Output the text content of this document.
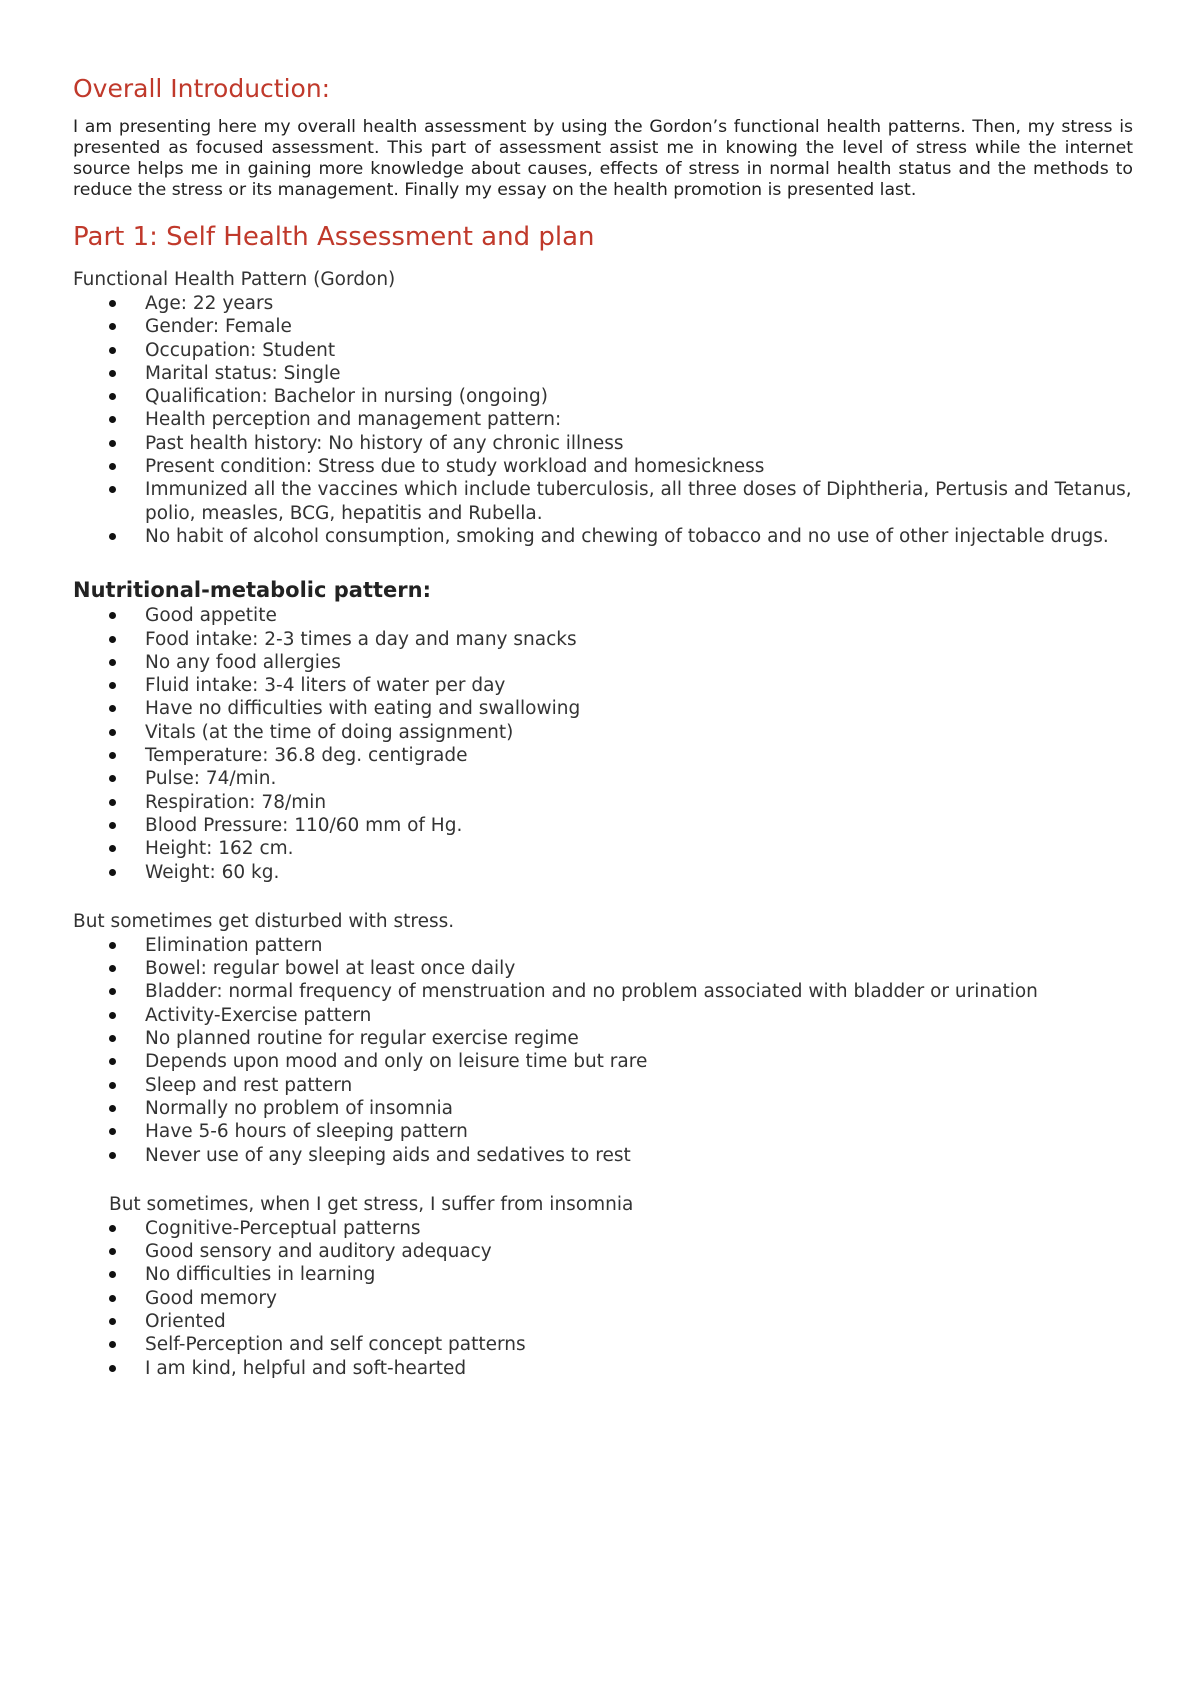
Overall Introduction:

I am presenting here my overall health assessment by using the Gordon’s functional health patterns. Then, my stress is presented as focused assessment. This part of assessment assist me in knowing the level of stress while the internet source helps me in gaining more knowledge about causes, effects of stress in normal health status and the methods to reduce the stress or its management. Finally my essay on the health promotion is presented last.

Part 1: Self Health Assessment and plan

Functional Health Pattern (Gordon)

Age: 22 years
Gender: Female
Occupation: Student
Marital status: Single
Qualification: Bachelor in nursing (ongoing)
Health perception and management pattern:
Past health history: No history of any chronic illness
Present condition: Stress due to study workload and homesickness
Immunized all the vaccines which include tuberculosis, all three doses of Diphtheria, Pertusis and Tetanus, polio, measles, BCG, hepatitis and Rubella.
No habit of alcohol consumption, smoking and chewing of tobacco and no use of other injectable drugs.
Nutritional-metabolic pattern:
Good appetite
Food intake: 2-3 times a day and many snacks
No any food allergies
Fluid intake: 3-4 liters of water per day
Have no difficulties with eating and swallowing
Vitals (at the time of doing assignment)
Temperature: 36.8 deg. centigrade
Pulse: 74/min.
Respiration: 78/min
Blood Pressure: 110/60 mm of Hg.
Height: 162 cm.
Weight: 60 kg.

But sometimes get disturbed with stress.

Elimination pattern
Bowel: regular bowel at least once daily
Bladder: normal frequency of menstruation and no problem associated with bladder or urination
Activity-Exercise pattern
No planned routine for regular exercise regime
Depends upon mood and only on leisure time but rare
Sleep and rest pattern
Normally no problem of insomnia
Have 5-6 hours of sleeping pattern
Never use of any sleeping aids and sedatives to rest

But sometimes, when I get stress, I suffer from insomnia

Cognitive-Perceptual patterns
Good sensory and auditory adequacy
No difficulties in learning
Good memory
Oriented
Self-Perception and self concept patterns
I am kind, helpful and soft-hearted
